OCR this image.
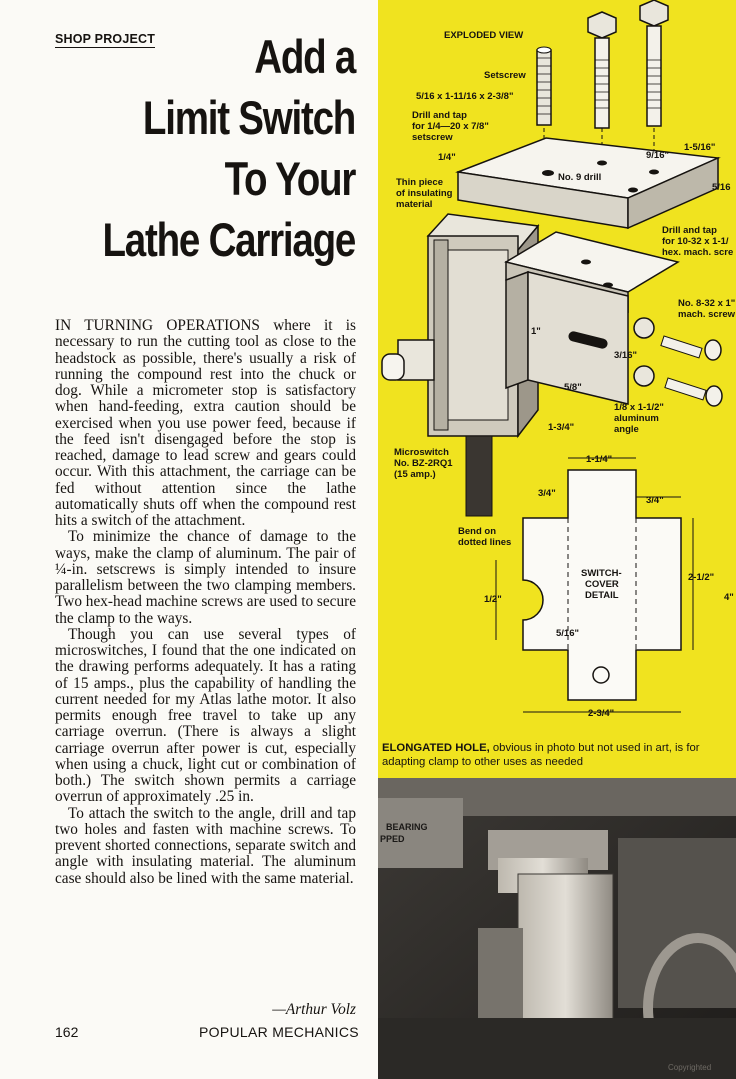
SHOP PROJECT	Add a
Limit Switch
To Your
Lathe Carriage

IN TURNING OPERATIONS where it is necessary to run the cutting tool as close to the headstock as possible, there's usually a risk of running the compound rest into the chuck or dog. While a micrometer stop is satisfactory when hand-feeding, extra caution should be exercised when you use power feed, because if the feed isn't disengaged before the stop is reached, damage to lead screw and gears could occur. With this attachment, the carriage can be fed without attention since the lathe automatically shuts off when the compound rest hits a switch of the attachment.

To minimize the chance of damage to the ways, make the clamp of aluminum. The pair of ¼-in. setscrews is simply intended to insure parallelism between the two clamping members. Two hex-head machine screws are used to secure the clamp to the ways.

Though you can use several types of microswitches, I found that the one indicated on the drawing performs adequately. It has a rating of 15 amps., plus the capability of handling the current needed for my Atlas lathe motor. It also permits enough free travel to take up any carriage overrun. (There is always a slight carriage overrun after power is cut, especially when using a chuck, light cut or combination of both.) The switch shown permits a carriage overrun of approximately .25 in.

To attach the switch to the angle, drill and tap two holes and fasten with machine screws. To prevent shorted connections, separate switch and angle with insulating material. The aluminum case should also be lined with the same material.

—Arthur Volz
162	POPULAR MECHANICS
EXPLODED VIEW
Setscrew
5/16 x 1-11/16 x 2-3/8"
Drill and tap
for 1/4—20 x 7/8"
setscrew
1/4"	9/16"
1-5/16"
5/16
No. 9 drill
Thin piece
of insulating
material
Drill and tap
for 10-32 x 1-1/
hex. mach. scre
1"
3/16"
5/8"
No. 8-32 x 1"
mach. screw
1/8 x 1-1/2"
aluminum
angle
1-3/4"
Microswitch
No. BZ-2RQ1
(15 amp.)
1-1/4"
3/4"
3/4"
Bend on
dotted lines
SWITCH-
COVER
DETAIL
2-1/2"
4"
1/2"
5/16"
2-3/4"
ELONGATED HOLE, obvious in photo but not used in art, is for adapting clamp to other uses as needed
BEARING
PPED
Copyrighted
